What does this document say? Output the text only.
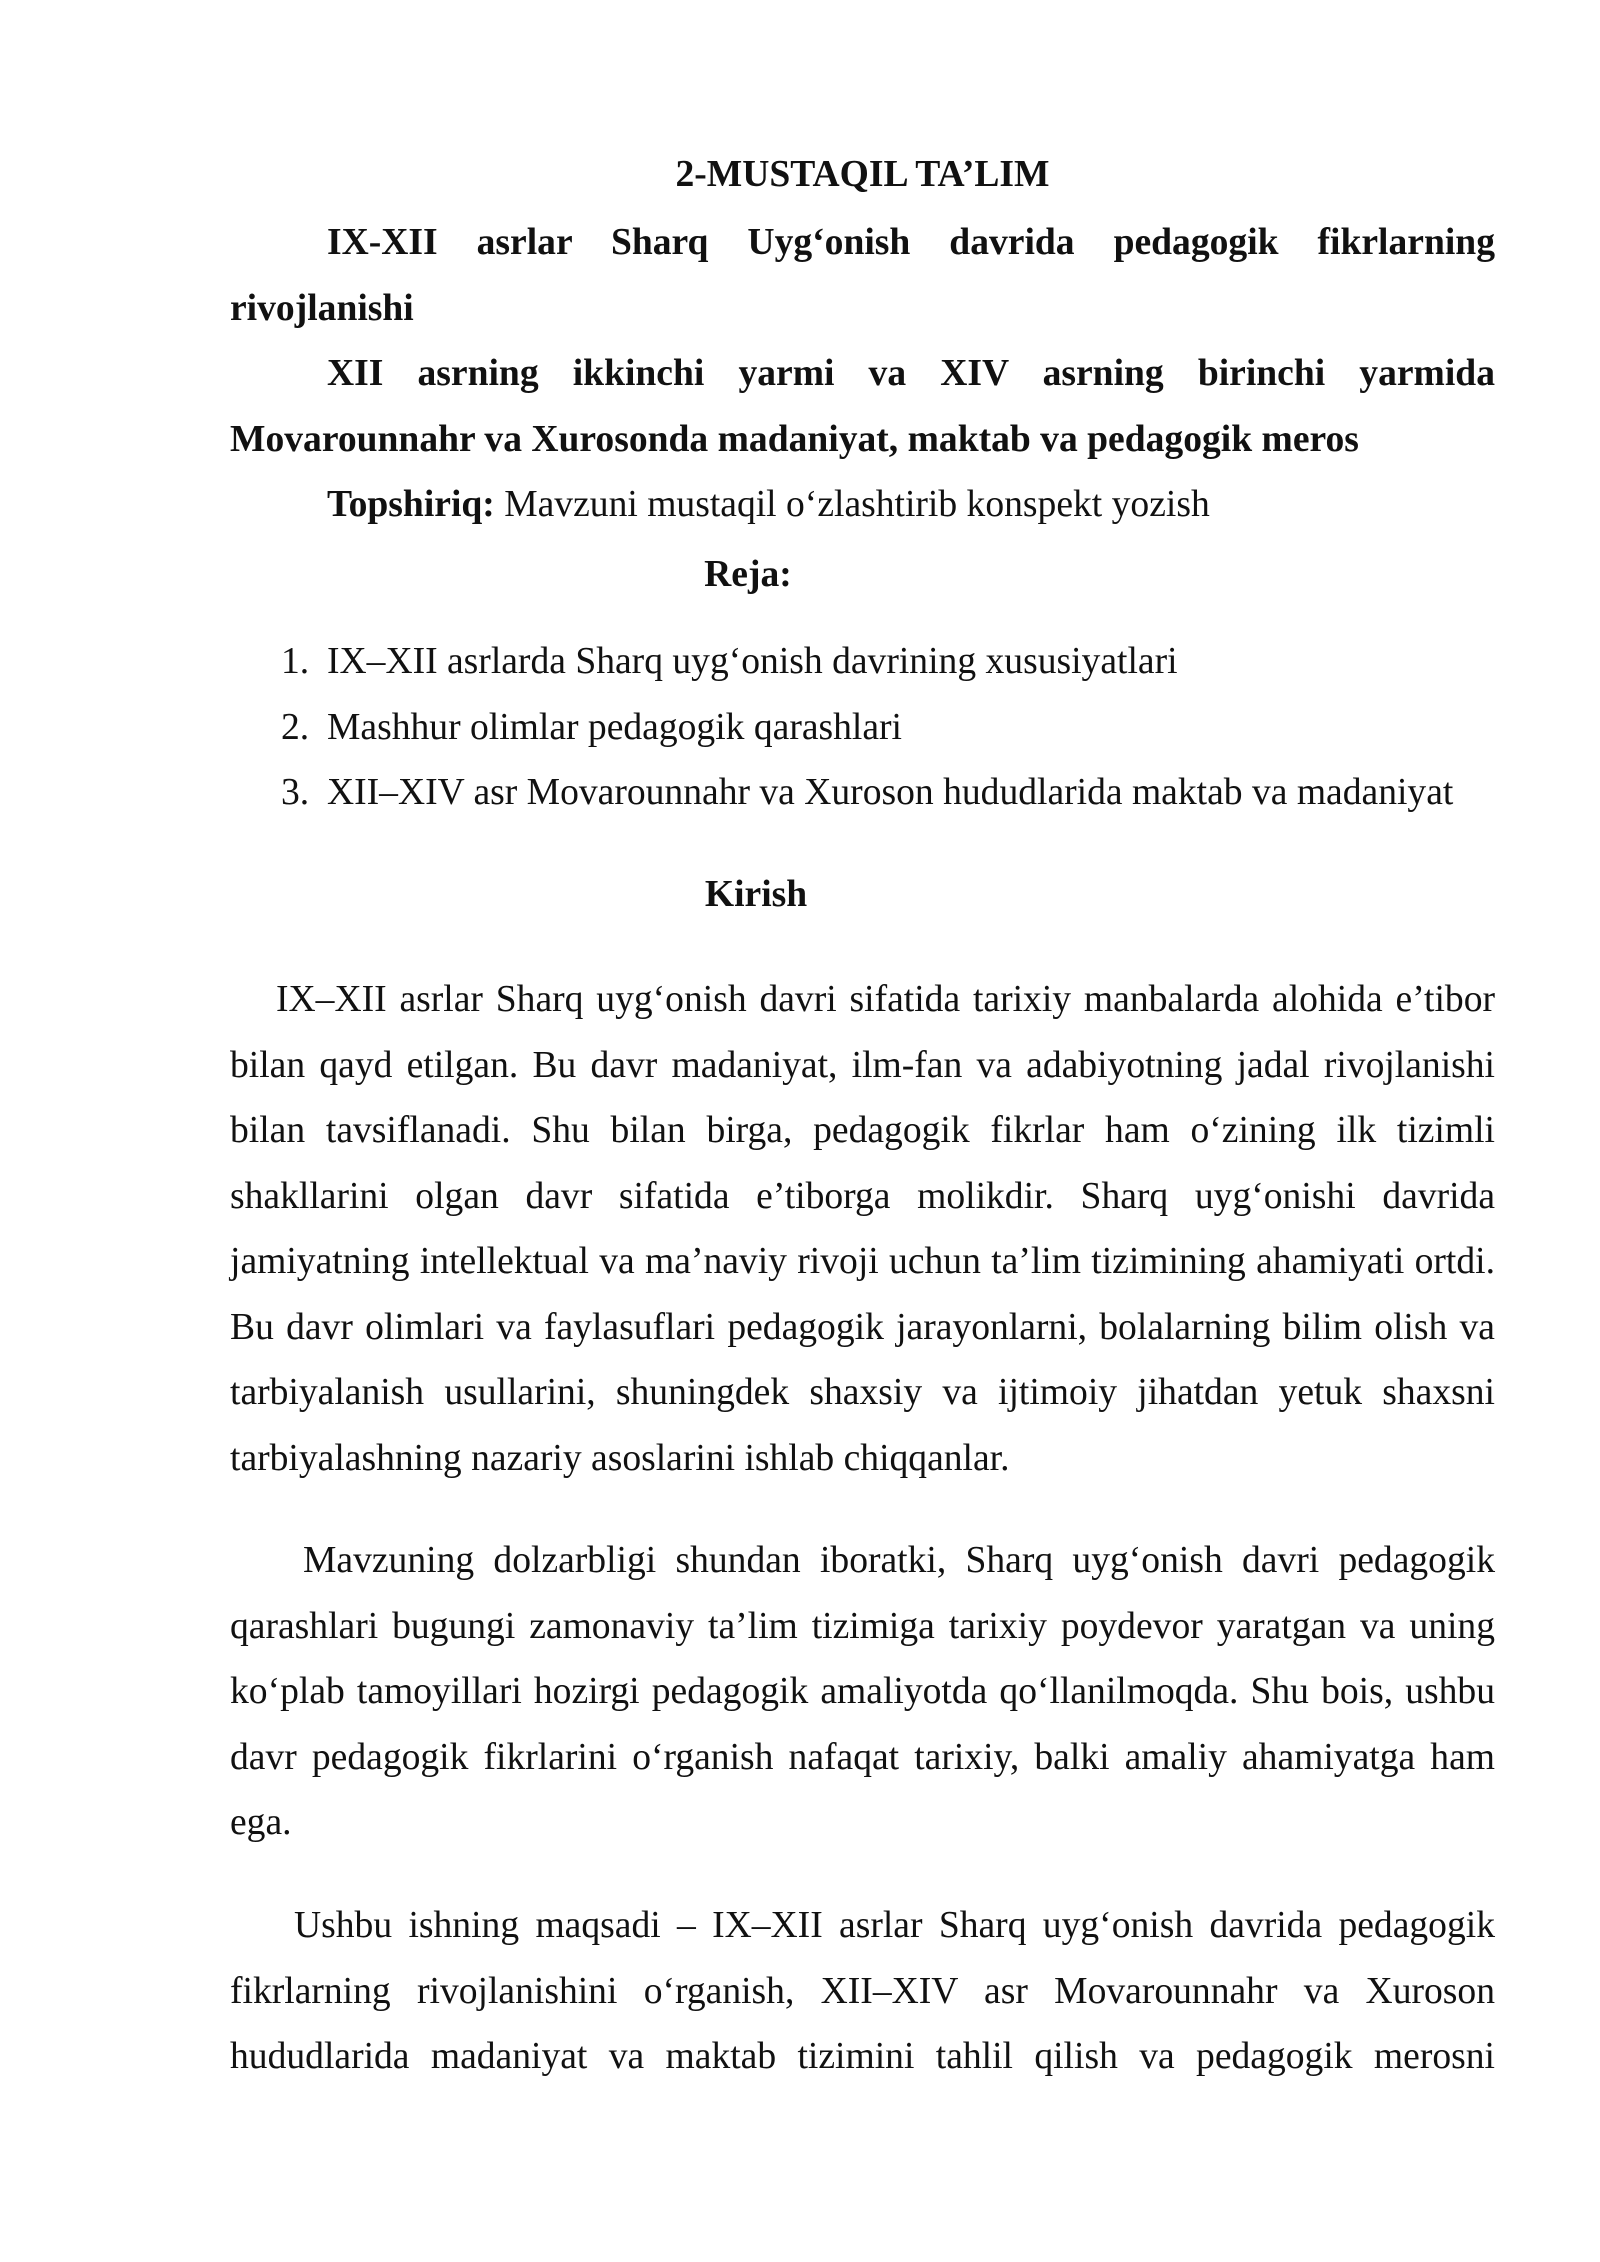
2-MUSTAQIL TA’LIM
IX-XII asrlar Sharq Uyg‘onish davrida pedagogik fikrlarning
rivojlanishi
XII asrning ikkinchi yarmi va XIV asrning birinchi yarmida
Movarounnahr va Xurosonda madaniyat, maktab va pedagogik meros
Topshiriq: Mavzuni mustaqil o‘zlashtirib konspekt yozish
Reja:
1. IX–XII asrlarda Sharq uyg‘onish davrining xususiyatlari
2. Mashhur olimlar pedagogik qarashlari
3. XII–XIV asr Movarounnahr va Xuroson hududlarida maktab va madaniyat
Kirish
IX–XII asrlar Sharq uyg‘onish davri sifatida tarixiy manbalarda alohida e’tibor
bilan qayd etilgan. Bu davr madaniyat, ilm-fan va adabiyotning jadal rivojlanishi
bilan tavsiflanadi. Shu bilan birga, pedagogik fikrlar ham o‘zining ilk tizimli
shakllarini olgan davr sifatida e’tiborga molikdir. Sharq uyg‘onishi davrida
jamiyatning intellektual va ma’naviy rivoji uchun ta’lim tizimining ahamiyati ortdi.
Bu davr olimlari va faylasuflari pedagogik jarayonlarni, bolalarning bilim olish va
tarbiyalanish usullarini, shuningdek shaxsiy va ijtimoiy jihatdan yetuk shaxsni
tarbiyalashning nazariy asoslarini ishlab chiqqanlar.
Mavzuning dolzarbligi shundan iboratki, Sharq uyg‘onish davri pedagogik
qarashlari bugungi zamonaviy ta’lim tizimiga tarixiy poydevor yaratgan va uning
ko‘plab tamoyillari hozirgi pedagogik amaliyotda qo‘llanilmoqda. Shu bois, ushbu
davr pedagogik fikrlarini o‘rganish nafaqat tarixiy, balki amaliy ahamiyatga ham
ega.
Ushbu ishning maqsadi – IX–XII asrlar Sharq uyg‘onish davrida pedagogik
fikrlarning rivojlanishini o‘rganish, XII–XIV asr Movarounnahr va Xuroson
hududlarida madaniyat va maktab tizimini tahlil qilish va pedagogik merosni
